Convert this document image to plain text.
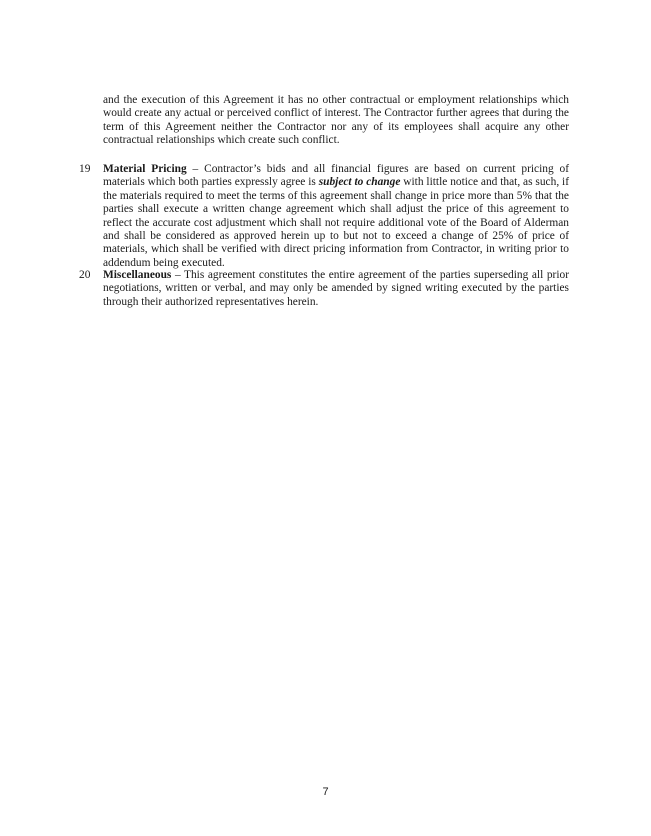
and the execution of this Agreement it has no other contractual or employment relationships which would create any actual or perceived conflict of interest. The Contractor further agrees that during the term of this Agreement neither the Contractor nor any of its employees shall acquire any other contractual relationships which create such conflict.

19 Material Pricing – Contractor’s bids and all financial figures are based on current pricing of materials which both parties expressly agree is subject to change with little notice and that, as such, if the materials required to meet the terms of this agreement shall change in price more than 5% that the parties shall execute a written change agreement which shall adjust the price of this agreement to reflect the accurate cost adjustment which shall not require additional vote of the Board of Alderman and shall be considered as approved herein up to but not to exceed a change of 25% of price of materials, which shall be verified with direct pricing information from Contractor, in writing prior to addendum being executed.

20 Miscellaneous – This agreement constitutes the entire agreement of the parties superseding all prior negotiations, written or verbal, and may only be amended by signed writing executed by the parties through their authorized representatives herein.

7
